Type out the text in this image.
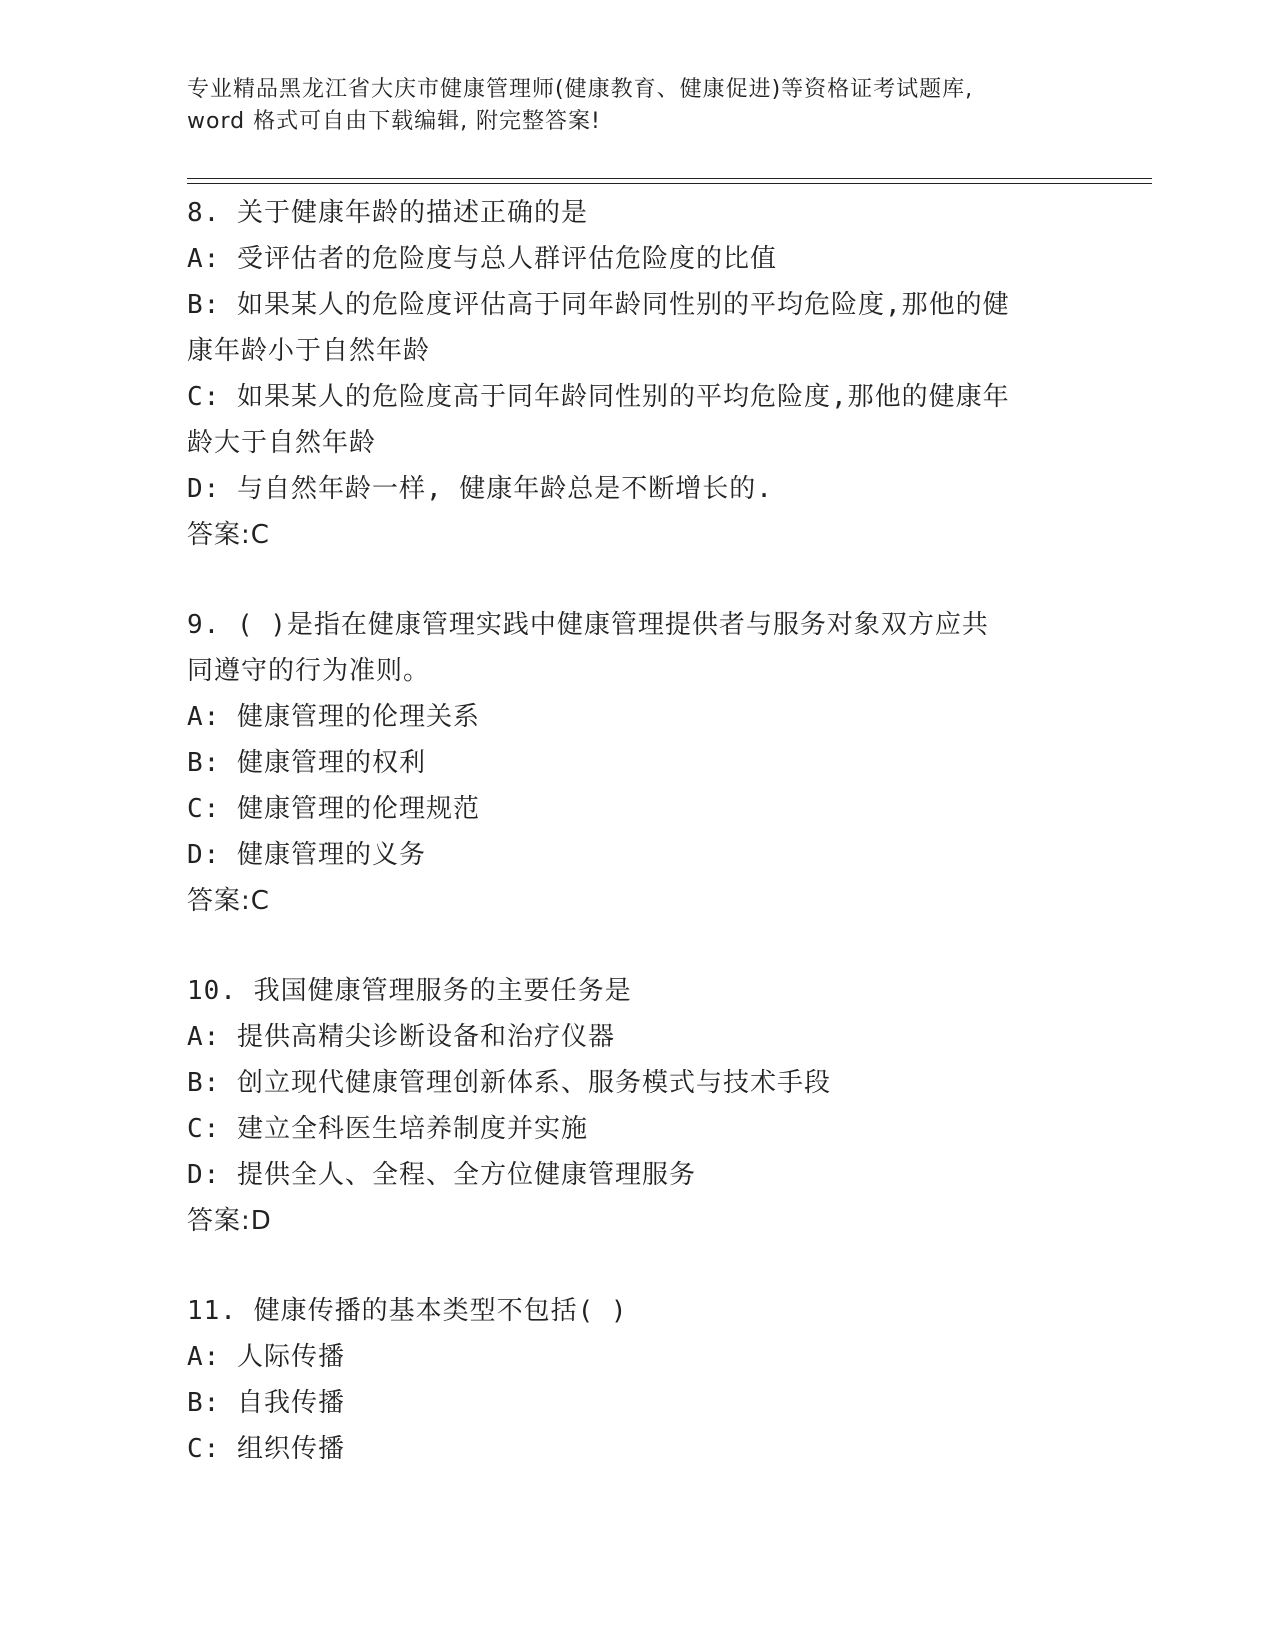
专业精品黑龙江省大庆市健康管理师(健康教育、健康促进)等资格证考试题库,
word 格式可自由下载编辑, 附完整答案!
8. 关于健康年龄的描述正确的是
A: 受评估者的危险度与总人群评估危险度的比值
B: 如果某人的危险度评估高于同年龄同性别的平均危险度,那他的健
康年龄小于自然年龄
C: 如果某人的危险度高于同年龄同性别的平均危险度,那他的健康年
龄大于自然年龄
D: 与自然年龄一样, 健康年龄总是不断增长的.
答案:C
9. ( )是指在健康管理实践中健康管理提供者与服务对象双方应共
同遵守的行为准则。
A: 健康管理的伦理关系
B: 健康管理的权利
C: 健康管理的伦理规范
D: 健康管理的义务
答案:C
10. 我国健康管理服务的主要任务是
A: 提供高精尖诊断设备和治疗仪器
B: 创立现代健康管理创新体系、服务模式与技术手段
C: 建立全科医生培养制度并实施
D: 提供全人、全程、全方位健康管理服务
答案:D
11. 健康传播的基本类型不包括( )
A: 人际传播
B: 自我传播
C: 组织传播
